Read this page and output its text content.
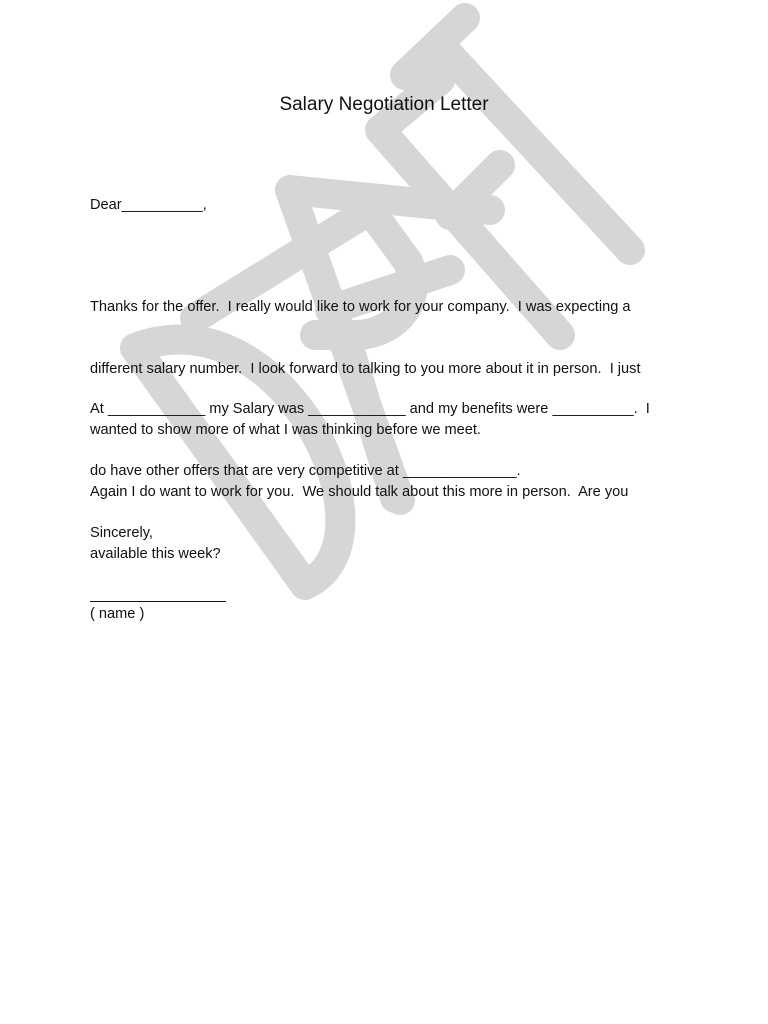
Salary Negotiation Letter
Dear__________,

Thanks for the offer.  I really would like to work for your company.  I was expecting a

different salary number.  I look forward to talking to you more about it in person.  I just

wanted to show more of what I was thinking before we meet.

At ____________ my Salary was ____________ and my benefits were __________.  I

do have other offers that are very competitive at ______________.

Again I do want to work for you.  We should talk about this more in person.  Are you

available this week?

Sincerely,
( name )
